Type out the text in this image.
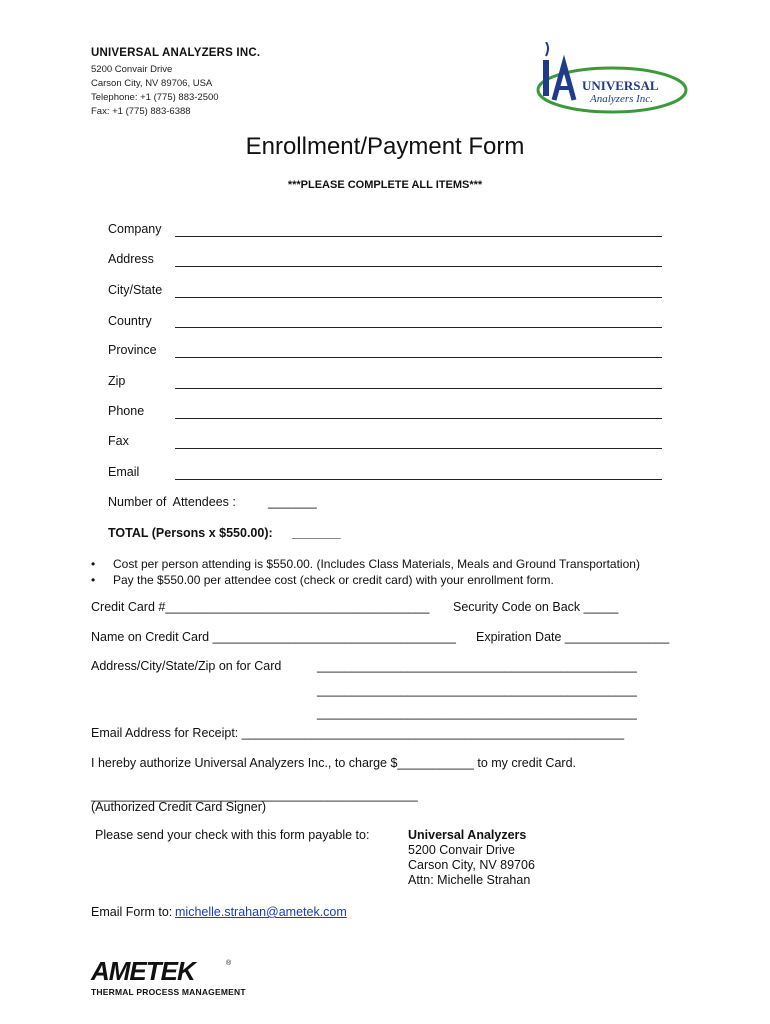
UNIVERSAL ANALYZERS INC.
5200 Convair Drive
Carson City, NV 89706, USA
Telephone: +1 (775) 883-2500
Fax: +1 (775) 883-6388
UNIVERSAL
Analyzers Inc.
Enrollment/Payment Form
***PLEASE COMPLETE ALL ITEMS***
Company
Address
City/State
Country
Province
Zip
Phone
Fax
Email
Number of  Attendees :	_______
TOTAL (Persons x $550.00): _______
• Cost per person attending is $550.00. (Includes Class Materials, Meals and Ground Transportation)
• Pay the $550.00 per attendee cost (check or credit card) with your enrollment form.
Credit Card #______________________________________ Security Code on Back _____
Name on Credit Card ___________________________________ Expiration Date _______________
Address/City/State/Zip on for Card	______________________________________________
______________________________________________
______________________________________________
Email Address for Receipt: _______________________________________________________
I hereby authorize Universal Analyzers Inc., to charge $___________ to my credit Card.
_______________________________________________
(Authorized Credit Card Signer)
Please send your check with this form payable to:	Universal Analyzers
5200 Convair Drive
Carson City, NV 89706
Attn: Michelle Strahan
Email Form to: michelle.strahan@ametek.com
AMETEK	®
THERMAL PROCESS MANAGEMENT
